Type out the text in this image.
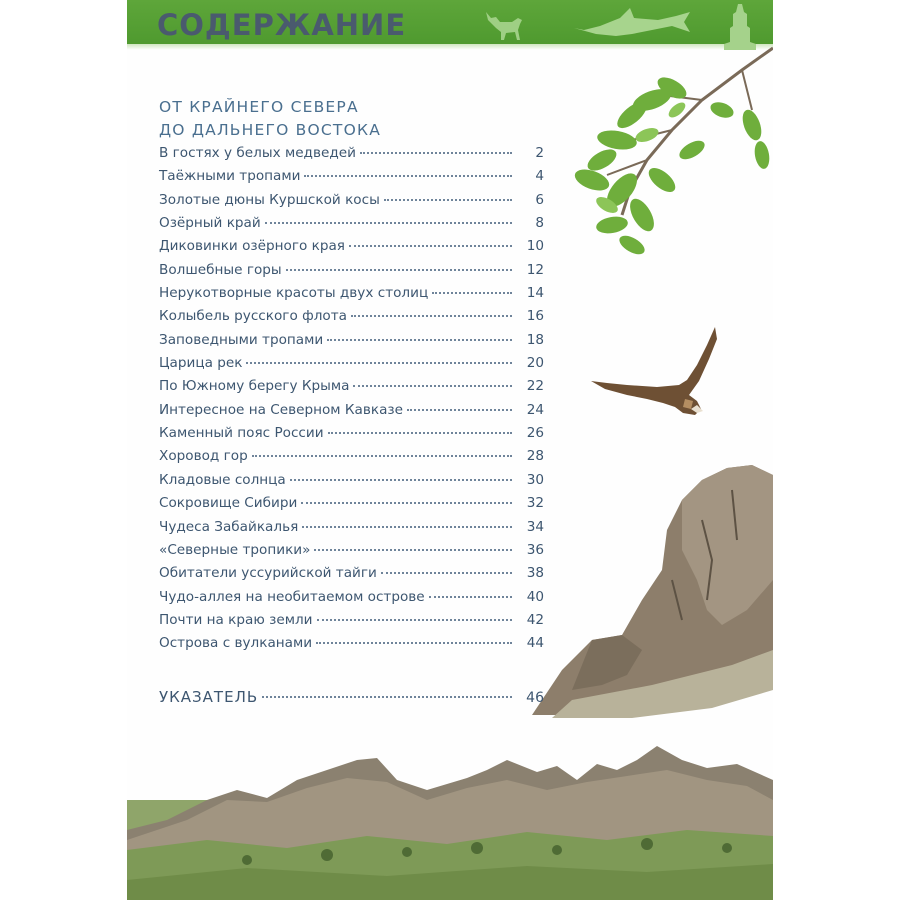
СОДЕРЖАНИЕ
ОТ КРАЙНЕГО СЕВЕРА
ДО ДАЛЬНЕГО ВОСТОКА
В гостях у белых медведей	2
Таёжными тропами	4
Золотые дюны Куршской косы	6
Озёрный край	8
Диковинки озёрного края	10
Волшебные горы	12
Нерукотворные красоты двух столиц	14
Колыбель русского флота	16
Заповедными тропами	18
Царица рек	20
По Южному берегу Крыма	22
Интересное на Северном Кавказе	24
Каменный пояс России	26
Хоровод гор	28
Кладовые солнца	30
Сокровище Сибири	32
Чудеса Забайкалья	34
«Северные тропики»	36
Обитатели уссурийской тайги	38
Чудо-аллея на необитаемом острове	40
Почти на краю земли	42
Острова с вулканами	44
УКАЗАТЕЛЬ	46
